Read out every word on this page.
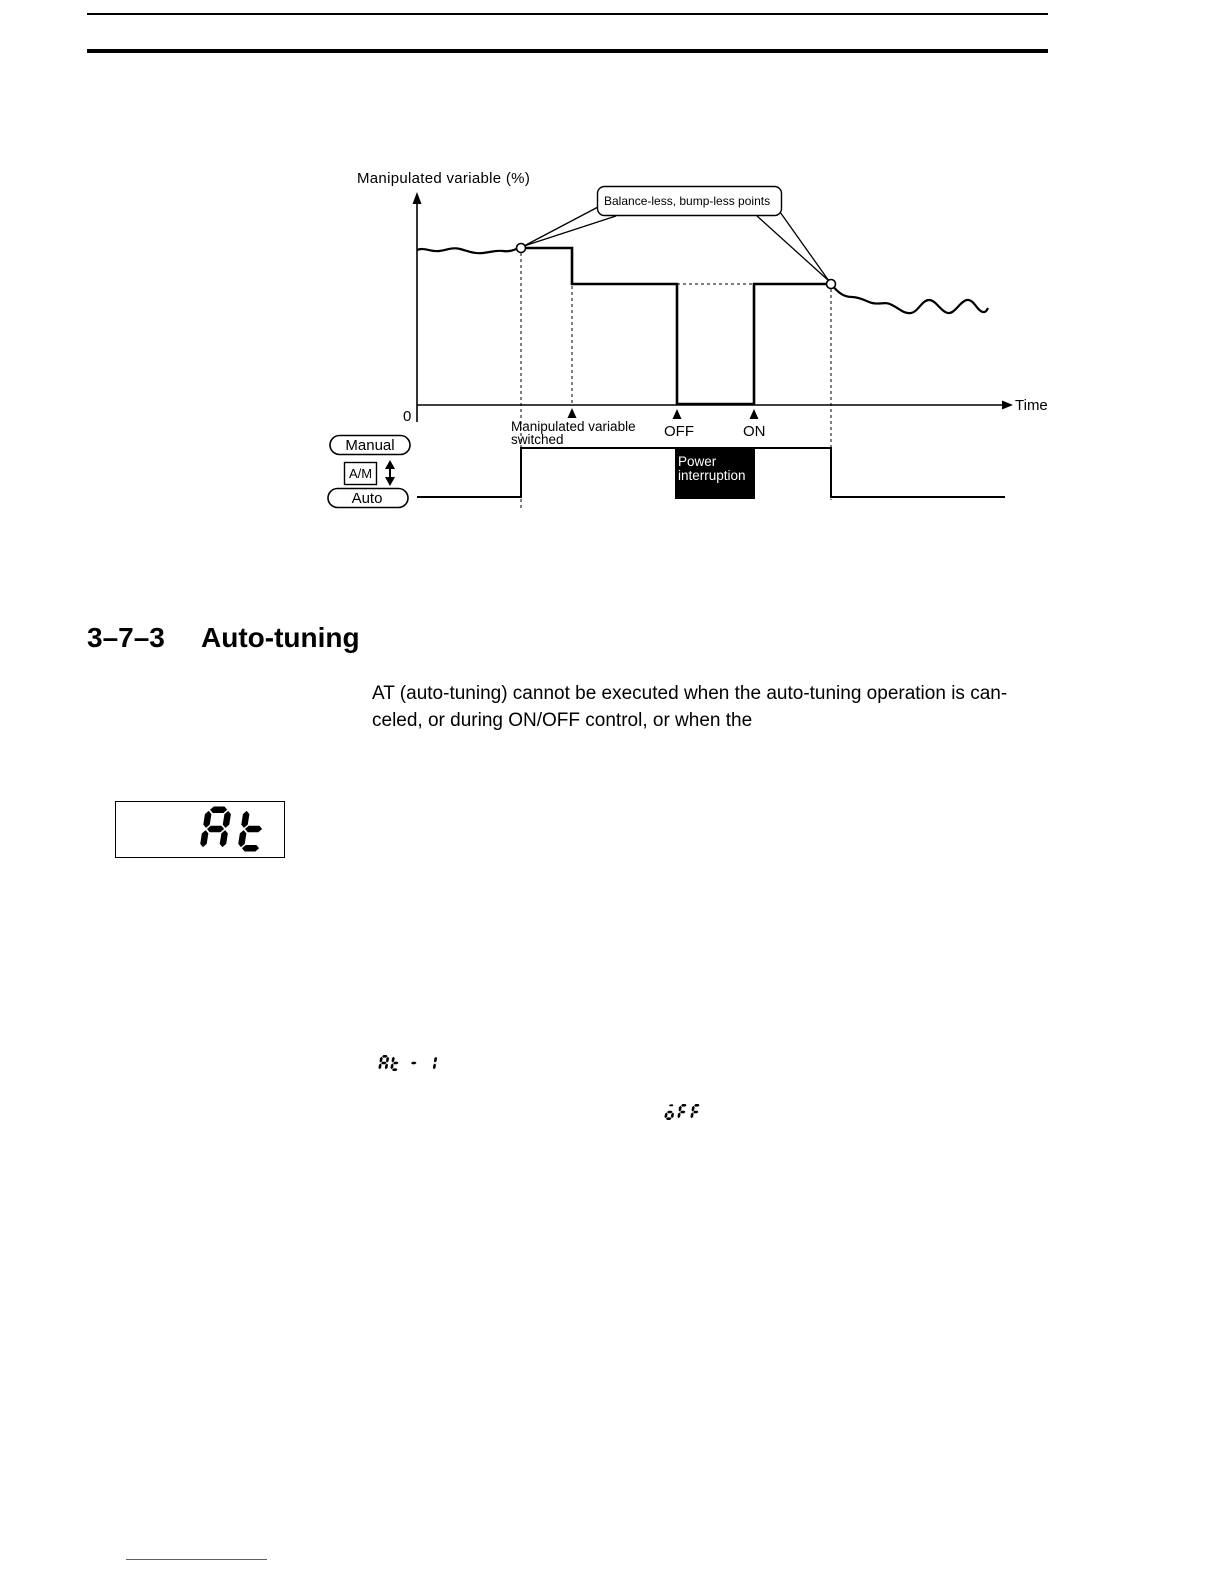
Manipulated variable (%)
0
Time
Balance-less, bump-less points
Manipulated variable
switched	OFF	ON
Manual
A/M
Auto
Power
interruption
3–7–3 Auto-tuning
AT (auto-tuning) cannot be executed when the auto-tuning operation is can-
celed, or during ON/OFF control, or when the
